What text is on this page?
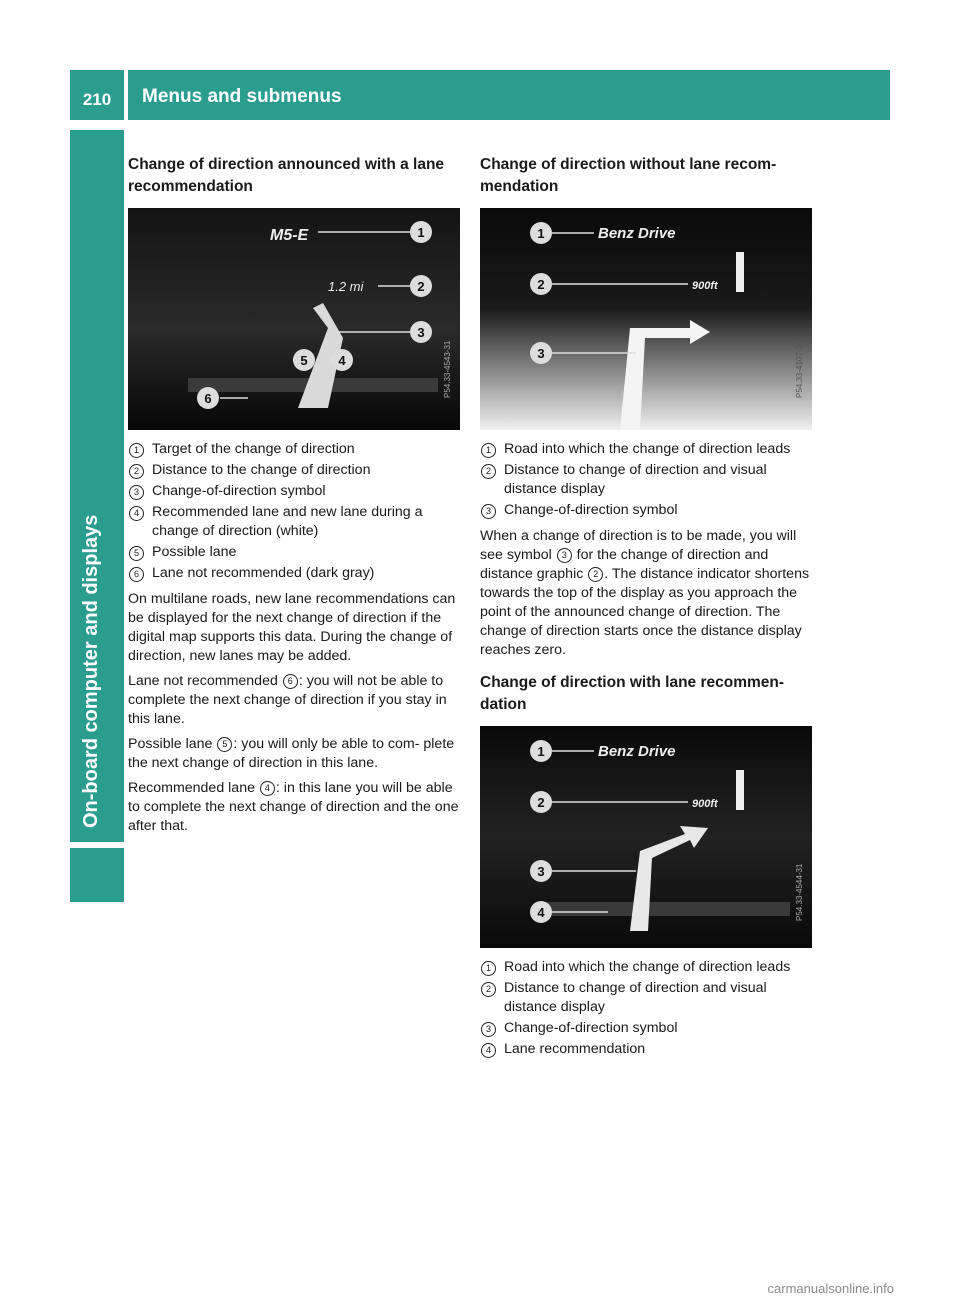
210	Menus and submenus
On-board computer and displays
Change of direction announced with a lane recommendation
M5-E
1.2 mi
1
2
3
5 4
6
P54.33-4543-31
1 Target of the change of direction
2 Distance to the change of direction
3 Change-of-direction symbol
4 Recommended lane and new lane during a change of direction (white)
5 Possible lane
6 Lane not recommended (dark gray)

On multilane roads, new lane recommendations can be displayed for the next change of direction if the digital map supports this data. During the change of direction, new lanes may be added.

Lane not recommended 6 : you will not be able to complete the next change of direction if you stay in this lane.

Possible lane 5 : you will only be able to com- plete the next change of direction in this lane.

Recommended lane 4 : in this lane you will be able to complete the next change of direction and the one after that.

Change of direction without lane recom- mendation
Benz Drive
900ft
1
2
3	P54.33-4107-31
1 Road into which the change of direction leads
2 Distance to change of direction and visual distance display
3 Change-of-direction symbol

When a change of direction is to be made, you will see symbol 3 for the change of direction and distance graphic 2 . The distance indicator shortens towards the top of the display as you approach the point of the announced change of direction. The change of direction starts once the distance display reaches zero.

Change of direction with lane recommen- dation
Benz Drive
900ft
1
2
3
4	P54.33-4544-31
1 Road into which the change of direction leads
2 Distance to change of direction and visual distance display
3 Change-of-direction symbol
4 Lane recommendation
carmanualsonline.info
